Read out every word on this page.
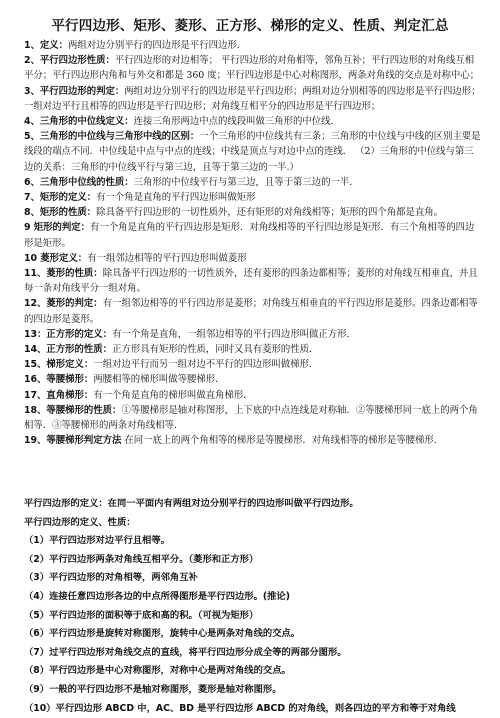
平行四边形、矩形、菱形、正方形、梯形的定义、性质、判定汇总

1、定义：两组对边分别平行的四边形是平行四边形.

2、平行四边形性质：平行四边形的对边相等； 平行四边形的对角相等，邻角互补；平行四边形的对角线互相平分；平行四边形内角和与外交和都是 360 度；平行四边形是中心对称图形，两条对角线的交点是对称中心；

3、平行四边形的判定：两组对边分别平行的四边形是平行四边形；两组对边分别相等的四边形是平行四边形；一组对边平行且相等的四边形是平行四边形；对角线互相平分的四边形是平行四边形；

4、三角形的中位线定义：连接三角形两边中点的线段叫做三角形的中位线.

5、三角形的中位线与三角形中线的区别：一个三角形的中位线共有三条；三角形的中位线与中线的区别主要是线段的端点不同．中位线是中点与中点的连线；中线是顶点与对边中点的连线． （2）三角形的中位线与第三边的关系：三角形的中位线平行与第三边，且等于第三边的一半.）

6、三角形中位线的性质：三角形的中位线平行与第三边，且等于第三边的一半．

7、矩形的定义：有一个角是直角的平行四边形叫做矩形

8、矩形的性质：除具备平行四边形的一切性质外，还有矩形的对角线相等；矩形的四个角都是直角。

9 矩形的判定：有一个角是直角的平行四边形是矩形．对角线相等的平行四边形是矩形．有三个角相等的四边形是矩形。

10 菱形定义：有一组邻边相等的平行四边形叫做菱形

11、菱形的性质：除具备平行四边形的一切性质外，还有菱形的四条边都相等；菱形的对角线互相垂直，并且每一条对角线平分一组对角。

12、菱形的判定：有一组邻边相等的平行四边形是菱形；对角线互相垂直的平行四边形是菱形。四条边都相等的四边形是菱形。

13：正方形的定义：有一个角是直角，一组邻边相等的平行四边形叫做正方形．

14、正方形的性质：正方形具有矩形的性质，同时又具有菱形的性质．

15、梯形定义：一组对边平行而另一组对边不平行的四边形叫做梯形．

16、等腰梯形：两腰相等的梯形叫做等腰梯形．

17、直角梯形：有一个角是直角的梯形叫做直角梯形．

18、等腰梯形的性质：①等腰梯形是轴对称图形，上下底的中点连线是对称轴．②等腰梯形同一底上的两个角相等．③等腰梯形的两条对角线相等．

19、等腰梯形判定方法 在同一底上的两个角相等的梯形是等腰梯形．对角线相等的梯形是等腰梯形.

平行四边形的定义：在同一平面内有两组对边分别平行的四边形叫做平行四边形。
平行四边形的定义、性质：
（1）平行四边形对边平行且相等。
（2）平行四边形两条对角线互相平分。（菱形和正方形）
（3）平行四边形的对角相等，两邻角互补
（4）连接任意四边形各边的中点所得图形是平行四边形。(推论)
（5）平行四边形的面积等于底和高的积。（可视为矩形）
（6）平行四边形是旋转对称图形，旋转中心是两条对角线的交点。
（7）过平行四边形对角线交点的直线，将平行四边形分成全等的两部分图形。
（8）平行四边形是中心对称图形，对称中心是两对角线的交点。
（9）一般的平行四边形不是轴对称图形，菱形是轴对称图形。
（10）平行四边形 ABCD 中，AC、BD 是平行四边形 ABCD 的对角线，则各四边的平方和等于对角线
